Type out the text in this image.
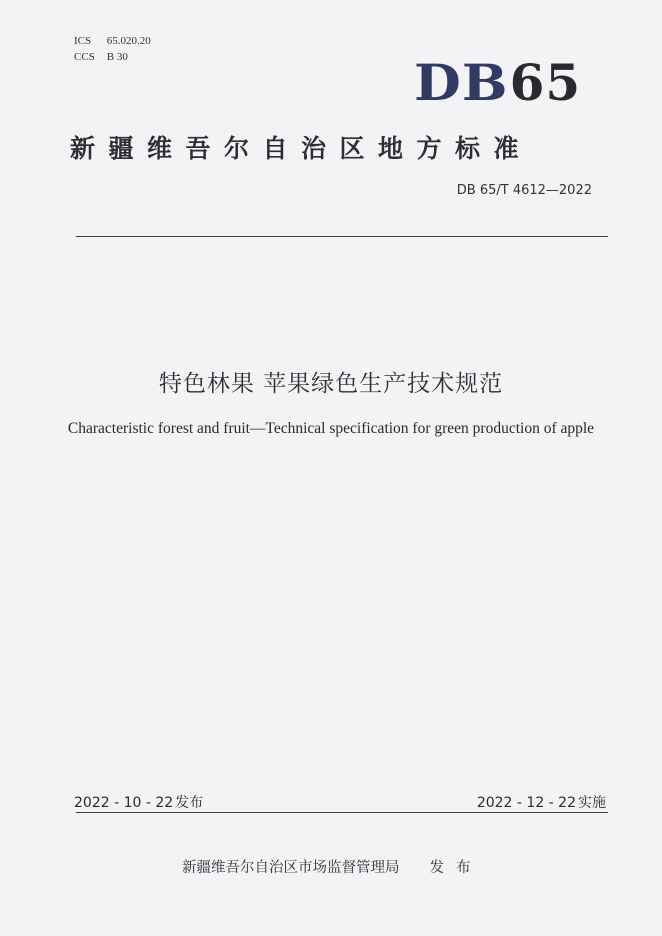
ICS 65.020.20
CCS B 30	DB65
新疆维吾尔自治区地方标准
DB 65/T 4612—2022
特色林果 苹果绿色生产技术规范
Characteristic forest and fruit—Technical specification for green production of apple
2022 - 10 - 22 发布	2022 - 12 - 22 实施
新疆维吾尔自治区市场监督管理局 发布
